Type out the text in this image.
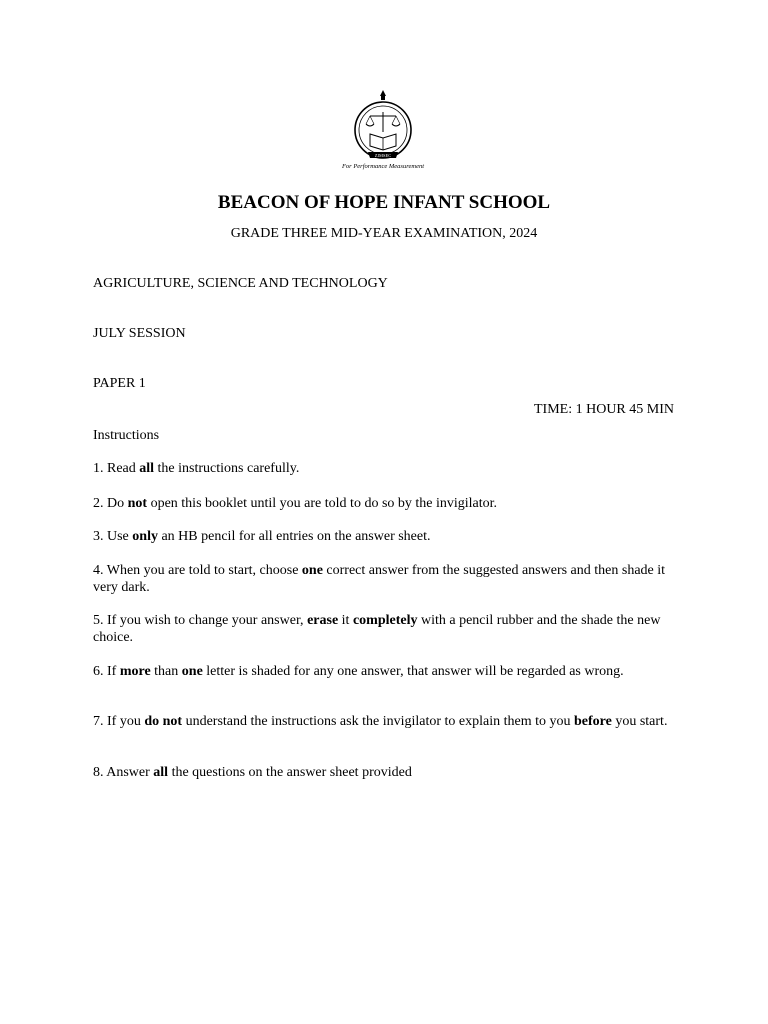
For Performance Measurement
ZIMSEC
BEACON OF HOPE INFANT SCHOOL
GRADE THREE MID-YEAR EXAMINATION, 2024
AGRICULTURE, SCIENCE AND TECHNOLOGY
JULY SESSION
PAPER 1
TIME: 1 HOUR 45 MIN
Instructions
1. Read all the instructions carefully.
2. Do not open this booklet until you are told to do so by the invigilator.
3. Use only an HB pencil for all entries on the answer sheet.
4. When you are told to start, choose one correct answer from the suggested answers and then shade it very dark.
5. If you wish to change your answer, erase it completely with a pencil rubber and the shade the new choice.
6. If more than one letter is shaded for any one answer, that answer will be regarded as wrong.
7. If you do not understand the instructions ask the invigilator to explain them to you before you start.
8. Answer all the questions on the answer sheet provided
